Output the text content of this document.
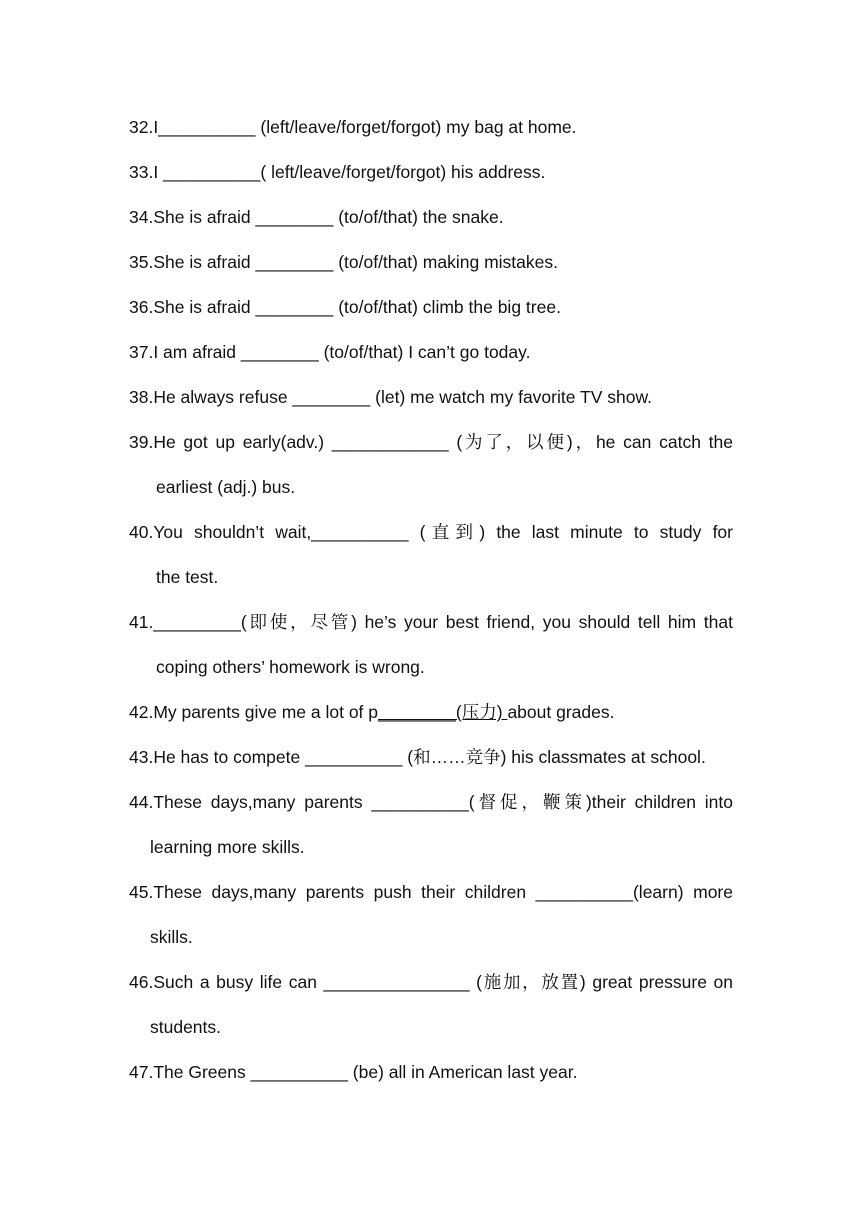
32.I__________ (left/leave/forget/forgot) my bag at home.
33.I __________( left/leave/forget/forgot) his address.
34.She is afraid ________ (to/of/that) the snake.
35.She is afraid ________ (to/of/that) making mistakes.
36.She is afraid ________ (to/of/that) climb the big tree.
37.I am afraid ________ (to/of/that) I can’t go today.
38.He always refuse ________ (let) me watch my favorite TV show.
39.He got up early(adv.) ____________ (为了，以便)，he can catch the
earliest (adj.) bus.
40.You shouldn’t wait,__________ (直到) the last minute to study for
the test.
41._________(即使，尽管) he’s your best friend, you should tell him that
coping others’ homework is wrong.
42.My parents give me a lot of p________(压力) about grades.
43.He has to compete __________ (和……竞争) his classmates at school.
44.These days,many parents __________(督促，鞭策)their children into
learning more skills.
45.These days,many parents push their children __________(learn) more
skills.
46.Such a busy life can _______________ (施加，放置) great pressure on
students.
47.The Greens __________ (be) all in American last year.
